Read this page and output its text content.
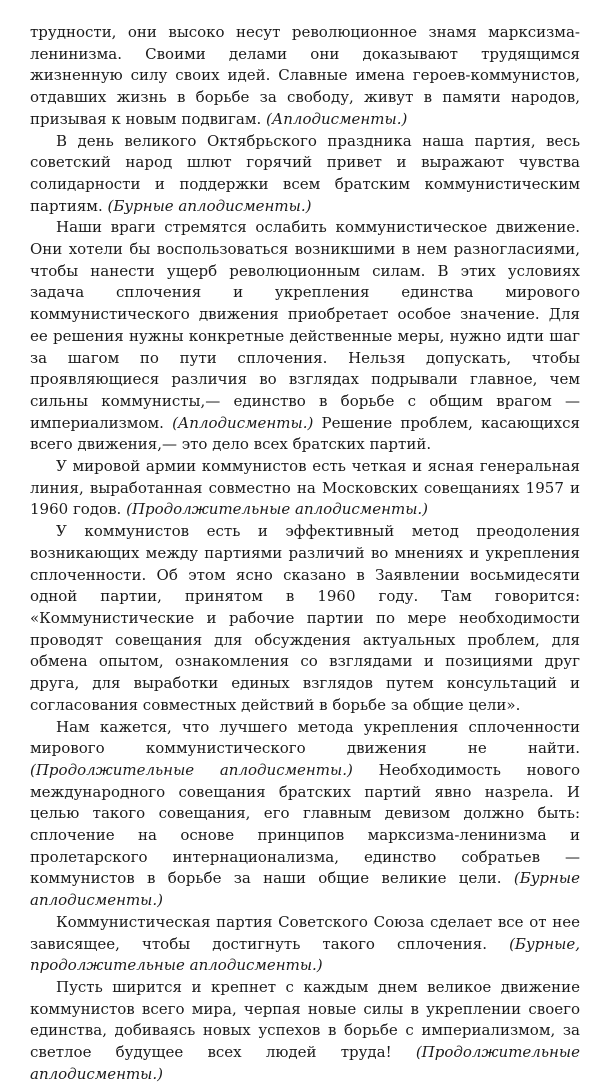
трудности, они высоко несут революционное знамя марксизма-ленинизма. Своими делами они доказывают трудящимся жизненную силу своих идей. Славные имена героев-коммунистов, отдавших жизнь в борьбе за свободу, живут в памяти народов, призывая к новым подвигам. (Аплодисменты.)

В день великого Октябрьского праздника наша партия, весь советский народ шлют горячий привет и выражают чувства солидарности и поддержки всем братским коммунистическим партиям. (Бурные аплодисменты.)

Наши враги стремятся ослабить коммунистическое движение. Они хотели бы воспользоваться возникшими в нем разногласиями, чтобы нанести ущерб революционным силам. В этих условиях задача сплочения и укрепления единства мирового коммунистического движения приобретает особое значение. Для ее решения нужны конкретные действенные меры, нужно идти шаг за шагом по пути сплочения. Нельзя допускать, чтобы проявляющиеся различия во взглядах подрывали главное, чем сильны коммунисты,— единство в борьбе с общим врагом — империализмом. (Аплодисменты.) Решение проблем, касающихся всего движения,— это дело всех братских партий.

У мировой армии коммунистов есть четкая и ясная генеральная линия, выработанная совместно на Московских совещаниях 1957 и 1960 годов. (Продолжительные аплодисменты.)

У коммунистов есть и эффективный метод преодоления возникающих между партиями различий во мнениях и укрепления сплоченности. Об этом ясно сказано в Заявлении восьмидесяти одной партии, принятом в 1960 году. Там говорится: «Коммунистические и рабочие партии по мере необходимости проводят совещания для обсуждения актуальных проблем, для обмена опытом, ознакомления со взглядами и позициями друг друга, для выработки единых взглядов путем консультаций и согласования совместных действий в борьбе за общие цели».

Нам кажется, что лучшего метода укрепления сплоченности мирового коммунистического движения не найти. (Продолжительные аплодисменты.) Необходимость нового международного совещания братских партий явно назрела. И целью такого совещания, его главным девизом должно быть: сплочение на основе принципов марксизма-ленинизма и пролетарского интернационализма, единство собратьев — коммунистов в борьбе за наши общие великие цели. (Бурные аплодисменты.)

Коммунистическая партия Советского Союза сделает все от нее зависящее, чтобы достигнуть такого сплочения. (Бурные, продолжительные аплодисменты.)

Пусть ширится и крепнет с каждым днем великое движение коммунистов всего мира, черпая новые силы в укреплении своего единства, добиваясь новых успехов в борьбе с империализмом, за светлое будущее всех людей труда! (Продолжительные аплодисменты.)
